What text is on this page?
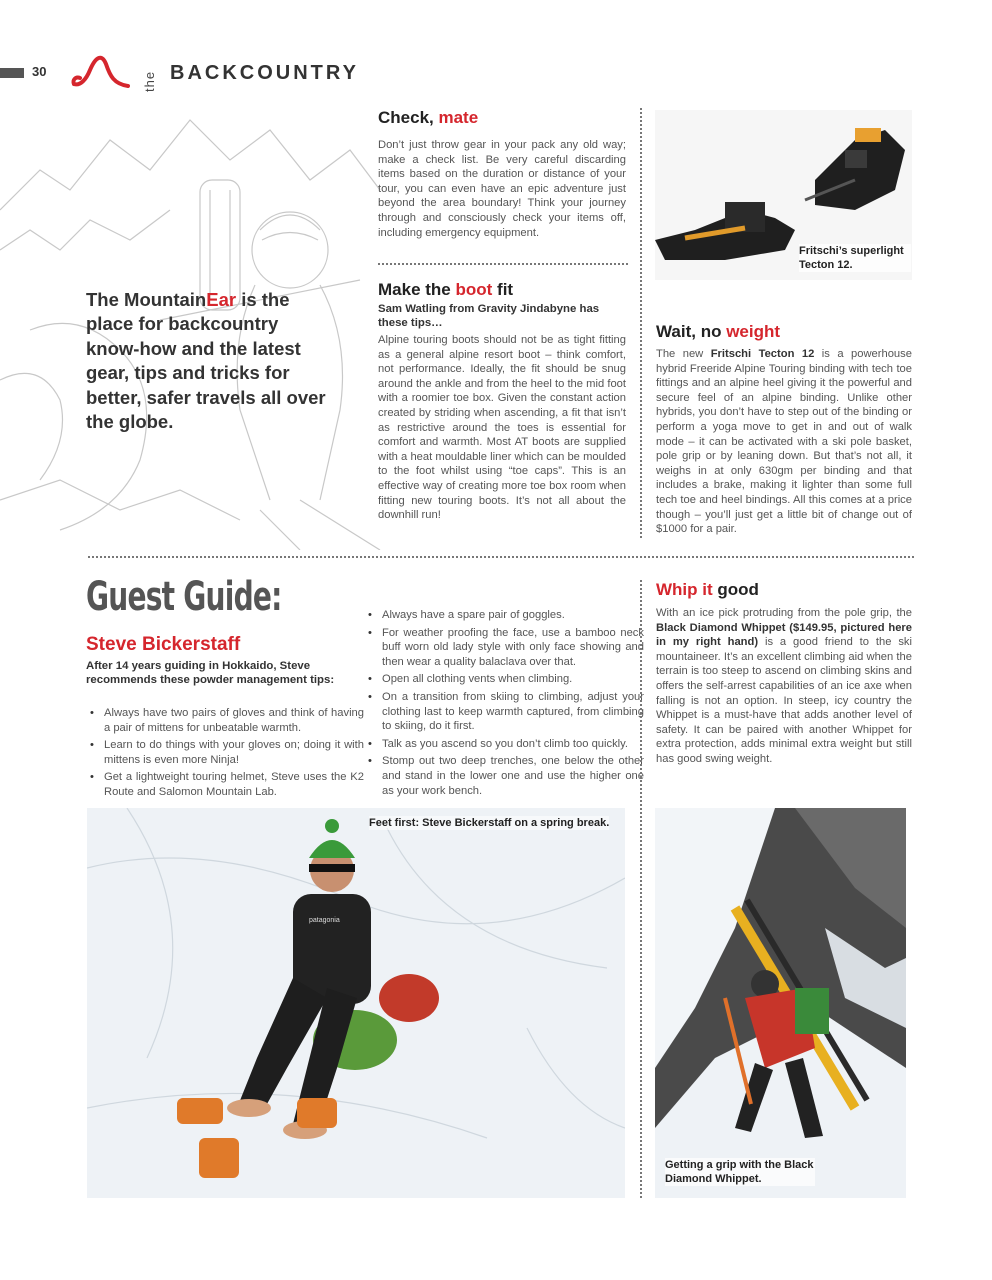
30	the BACKCOUNTRY
The MountainEar is the place for backcountry know-how and the latest gear, tips and tricks for better, safer travels all over the globe.
Check, mate
Don’t just throw gear in your pack any old way; make a check list. Be very careful discarding items based on the duration or distance of your tour, you can even have an epic adventure just beyond the area boundary! Think your journey through and consciously check your items off, including emergency equipment.
Make the boot fit
Sam Watling from Gravity Jindabyne has these tips…
Alpine touring boots should not be as tight fitting as a general alpine resort boot – think comfort, not performance. Ideally, the fit should be snug around the ankle and from the heel to the mid foot with a roomier toe box. Given the constant action created by striding when ascending, a fit that isn’t as restrictive around the toes is essential for comfort and warmth. Most AT boots are supplied with a heat mouldable liner which can be moulded to the foot whilst using “toe caps”. This is an effective way of creating more toe box room when fitting new touring boots. It’s not all about the downhill run!
Fritschi’s superlight Tecton 12.
Wait, no weight
The new Fritschi Tecton 12 is a powerhouse hybrid Freeride Alpine Touring binding with tech toe fittings and an alpine heel giving it the powerful and secure feel of an alpine binding. Unlike other hybrids, you don’t have to step out of the binding or perform a yoga move to get in and out of walk mode – it can be activated with a ski pole basket, pole grip or by leaning down. But that’s not all, it weighs in at only 630gm per binding and that includes a brake, making it lighter than some full tech toe and heel bindings. All this comes at a price though – you’ll just get a little bit of change out of $1000 for a pair.
Guest Guide:
Steve Bickerstaff
After 14 years guiding in Hokkaido, Steve recommends these powder management tips:
• Always have two pairs of gloves and think of having a pair of mittens for unbeatable warmth.
• Learn to do things with your gloves on; doing it with mittens is even more Ninja!
• Get a lightweight touring helmet, Steve uses the K2 Route and Salomon Mountain Lab.
• Always have a spare pair of goggles.
• For weather proofing the face, use a bamboo neck buff worn old lady style with only face showing and then wear a quality balaclava over that.
• Open all clothing vents when climbing.
• On a transition from skiing to climbing, adjust your clothing last to keep warmth captured, from climbing to skiing, do it first.
• Talk as you ascend so you don’t climb too quickly.
• Stomp out two deep trenches, one below the other and stand in the lower one and use the higher one as your work bench.
Whip it good
With an ice pick protruding from the pole grip, the Black Diamond Whippet ($149.95, pictured here in my right hand) is a good friend to the ski mountaineer. It’s an excellent climbing aid when the terrain is too steep to ascend on climbing skins and offers the self-arrest capabilities of an ice axe when falling is not an option. In steep, icy country the Whippet is a must-have that adds another level of safety. It can be paired with another Whippet for extra protection, adds minimal extra weight but still has good swing weight.
patagonia
Feet first: Steve Bickerstaff on a spring break.
Getting a grip with the Black Diamond Whippet.
